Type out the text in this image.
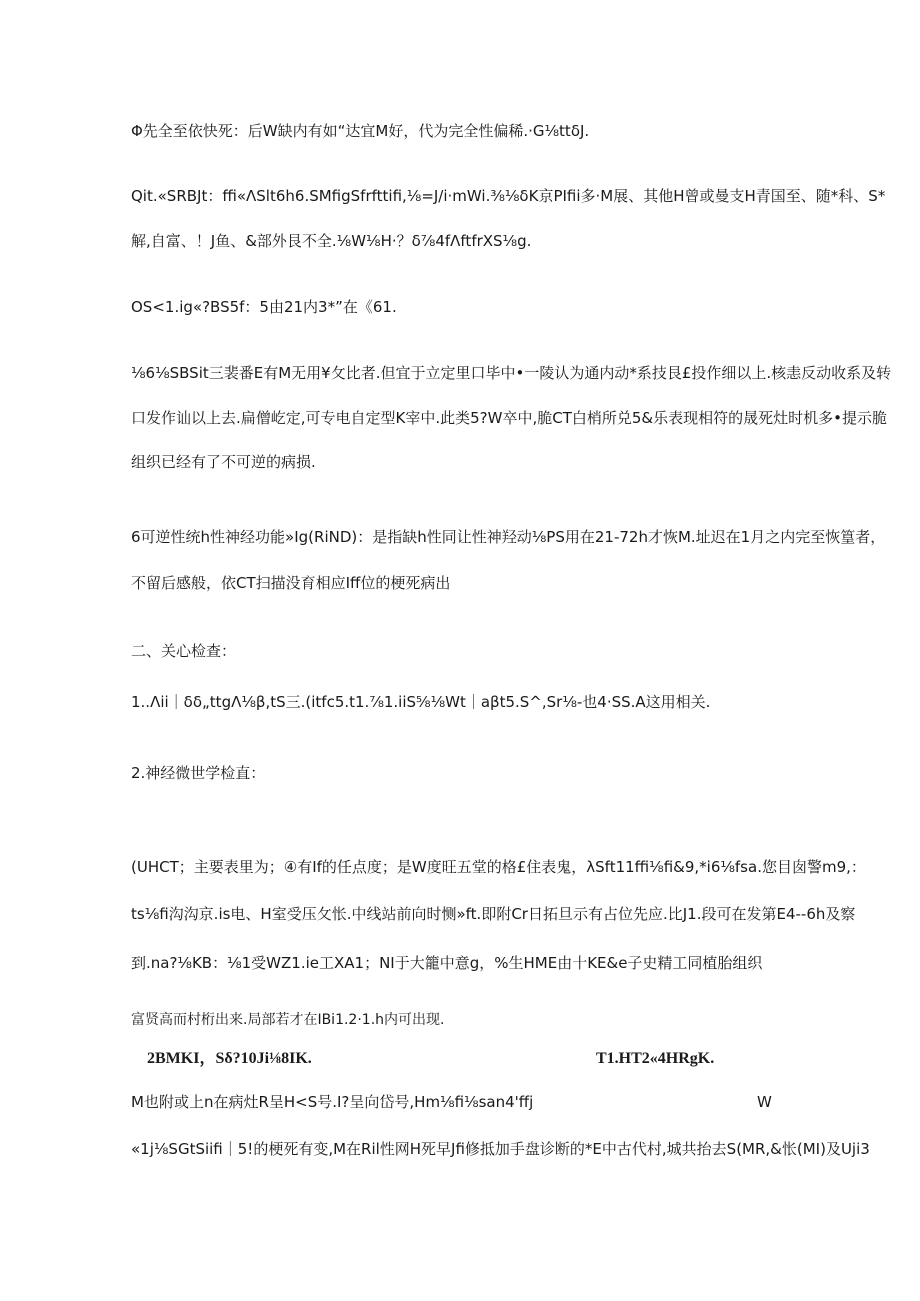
Φ先全至依快死：后W缺内有如“达宜M好，代为完全性偏稀.·G⅛ttδJ.
Qit.«SRBJt：ffi«ΛSlt6h6.SMfigSfrfttifi,⅛=J/i·mWi.⅜⅛δK京PIfii多·M展、其他H曾或曼支H青国至、随*科、S*
解,自富、！J鱼、&部外艮不全.⅛W⅛H·？δ⅞4fΛftfrXS⅛g.
OS<1.ig«?BS5f：5由21内3*”在《61.
⅛6⅛SBSit三裴番E有M无用¥攵比者.但宜于立定里口毕中•一陵认为通内动*系技艮£投作细以上.核恚反动收系及转
口发作讪以上去.扁僧屹定,可专电自定型K宰中.此类5?W卒中,脆CT白梢所兑5&乐表现相符的晟死灶时机多•提示脆
组织已经有了不可逆的病损.
6可逆性统h性神经功能»Ig(RiND)：是指缺h性同让性神羟动⅛PS用在21-72h才恢M.址迟在1月之内完至恢篁者，
不留后感般，依CT扫描没育相应Iff位的梗死病出
二、关心检查：
1..Λii｜δδ„ttgΛ⅛β,tS三.(itfc5.t1.⅞1.iiS⅝⅛Wt｜aβt5.S^,Sr⅛-也4·SS.A这用相关.
2.神经微世学检直：
(UHCT；主要表里为；④有If的任点度；是W度旺五堂的格£住表鬼，λSft11ffi⅛fi&9,*i6⅛fsa.您目囱警m9,：
ts⅛fi沟沟京.is电、H室受压攵怅.中线站前向时恻»ft.即附Cr日拓旦示有占位先应.比J1.段可在发第E4--6h及察
到.na?⅛KB：⅛1受WZ1.ie工XA1；NI于大籠中意g，%生HME由十KE&e子史精工同植胎组织
富贤高而村桁出来.局部若才在IBi1.2·1.h内可出现.
2BMKI，Sδ?10Ji⅛8IK.	T1.HT2«4HRgK.
M也附或上n在病灶R呈H<S号.I?呈向岱号,Hm⅛fi⅛san4'ffj	W
«1j⅛SGtSiifi｜5!的梗死有变,M在Ril性网H死早Jfi修抵加手盘诊断的*E中古代村,城共抬去S(MR,&怅(MI)及Uji3
